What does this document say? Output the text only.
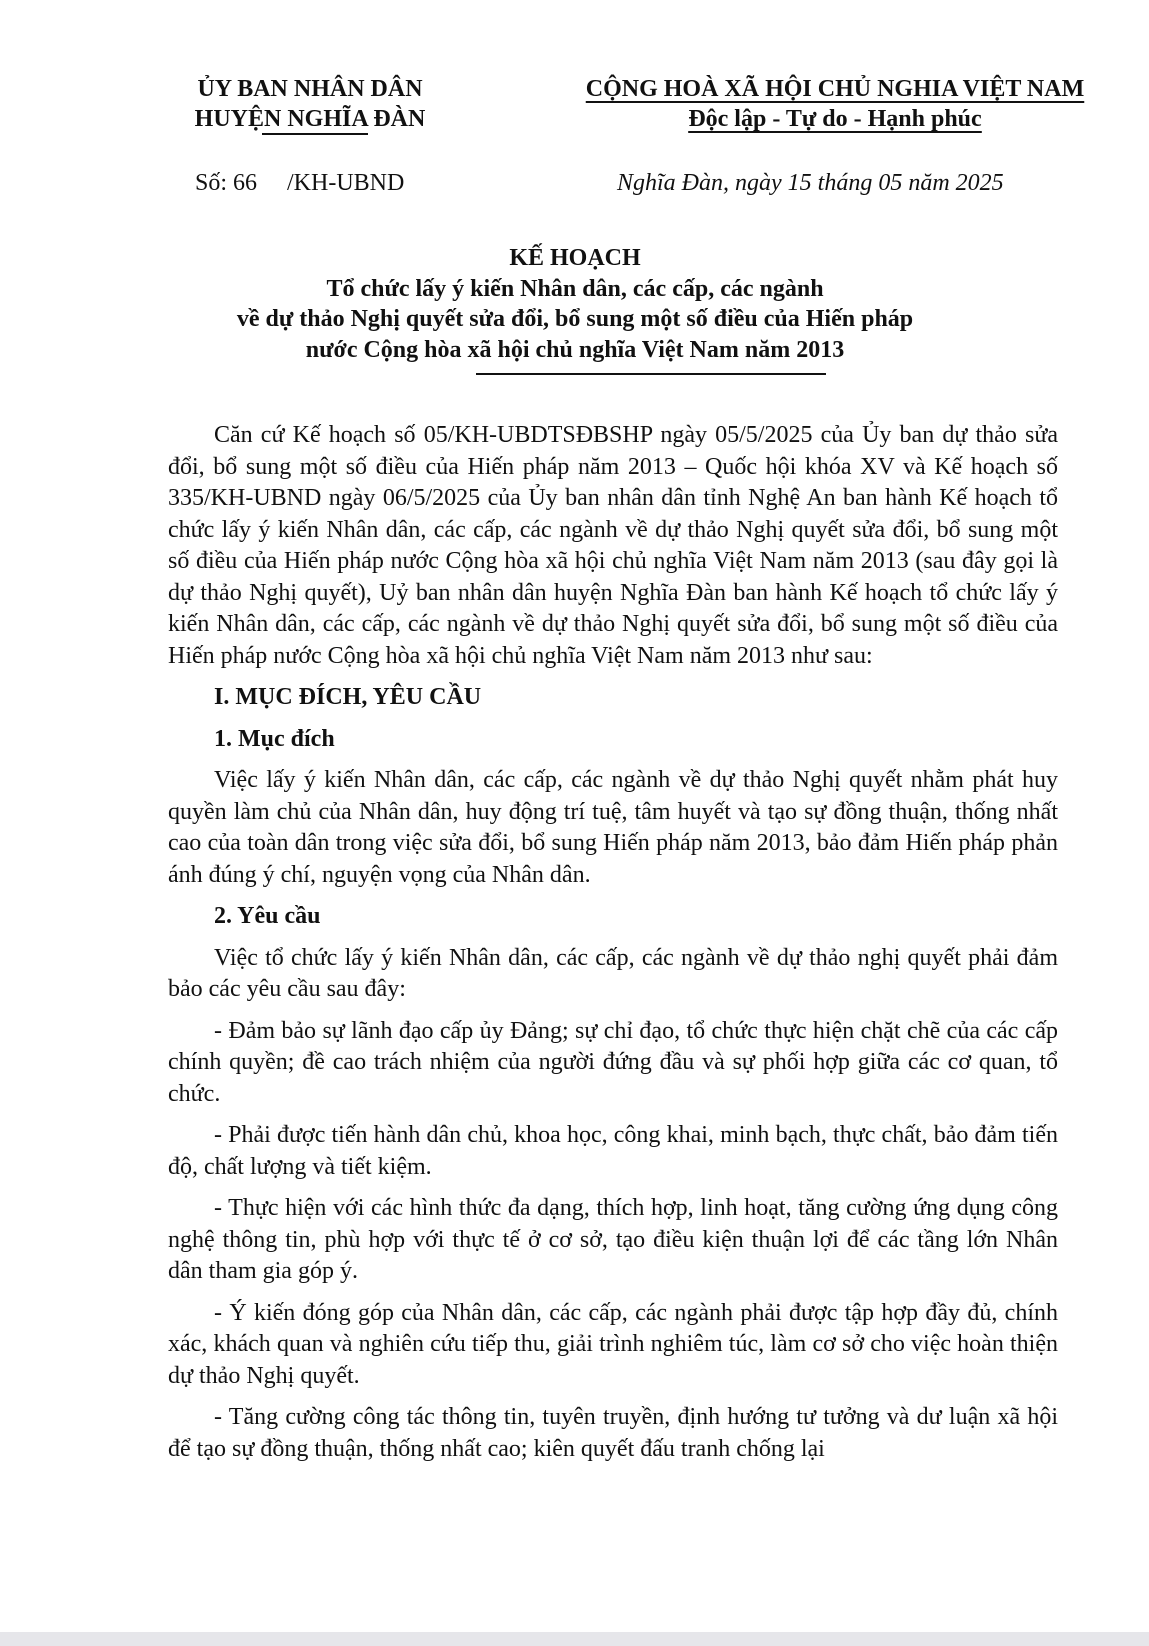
ỦY BAN NHÂN DÂN
HUYỆN NGHĨA ĐÀN
CỘNG HOÀ XÃ HỘI CHỦ NGHIA VIỆT NAM
Độc lập - Tự do - Hạnh phúc
Số: 66 /KH-UBND	Nghĩa Đàn, ngày 15 tháng 05 năm 2025
KẾ HOẠCH
Tổ chức lấy ý kiến Nhân dân, các cấp, các ngành
về dự thảo Nghị quyết sửa đổi, bổ sung một số điều của Hiến pháp
nước Cộng hòa xã hội chủ nghĩa Việt Nam năm 2013

Căn cứ Kế hoạch số 05/KH-UBDTSĐBSHP ngày 05/5/2025 của Ủy ban dự thảo sửa đổi, bổ sung một số điều của Hiến pháp năm 2013 – Quốc hội khóa XV và Kế hoạch số 335/KH-UBND ngày 06/5/2025 của Ủy ban nhân dân tỉnh Nghệ An ban hành Kế hoạch tổ chức lấy ý kiến Nhân dân, các cấp, các ngành về dự thảo Nghị quyết sửa đổi, bổ sung một số điều của Hiến pháp nước Cộng hòa xã hội chủ nghĩa Việt Nam năm 2013 (sau đây gọi là dự thảo Nghị quyết), Uỷ ban nhân dân huyện Nghĩa Đàn ban hành Kế hoạch tổ chức lấy ý kiến Nhân dân, các cấp, các ngành về dự thảo Nghị quyết sửa đổi, bổ sung một số điều của Hiến pháp nước Cộng hòa xã hội chủ nghĩa Việt Nam năm 2013 như sau:

I. MỤC ĐÍCH, YÊU CẦU

1. Mục đích

Việc lấy ý kiến Nhân dân, các cấp, các ngành về dự thảo Nghị quyết nhằm phát huy quyền làm chủ của Nhân dân, huy động trí tuệ, tâm huyết và tạo sự đồng thuận, thống nhất cao của toàn dân trong việc sửa đổi, bổ sung Hiến pháp năm 2013, bảo đảm Hiến pháp phản ánh đúng ý chí, nguyện vọng của Nhân dân.

2. Yêu cầu

Việc tổ chức lấy ý kiến Nhân dân, các cấp, các ngành về dự thảo nghị quyết phải đảm bảo các yêu cầu sau đây:

- Đảm bảo sự lãnh đạo cấp ủy Đảng; sự chỉ đạo, tổ chức thực hiện chặt chẽ của các cấp chính quyền; đề cao trách nhiệm của người đứng đầu và sự phối hợp giữa các cơ quan, tổ chức.

- Phải được tiến hành dân chủ, khoa học, công khai, minh bạch, thực chất, bảo đảm tiến độ, chất lượng và tiết kiệm.

- Thực hiện với các hình thức đa dạng, thích hợp, linh hoạt, tăng cường ứng dụng công nghệ thông tin, phù hợp với thực tế ở cơ sở, tạo điều kiện thuận lợi để các tầng lớn Nhân dân tham gia góp ý.

- Ý kiến đóng góp của Nhân dân, các cấp, các ngành phải được tập hợp đầy đủ, chính xác, khách quan và nghiên cứu tiếp thu, giải trình nghiêm túc, làm cơ sở cho việc hoàn thiện dự thảo Nghị quyết.

- Tăng cường công tác thông tin, tuyên truyền, định hướng tư tưởng và dư luận xã hội để tạo sự đồng thuận, thống nhất cao; kiên quyết đấu tranh chống lại
